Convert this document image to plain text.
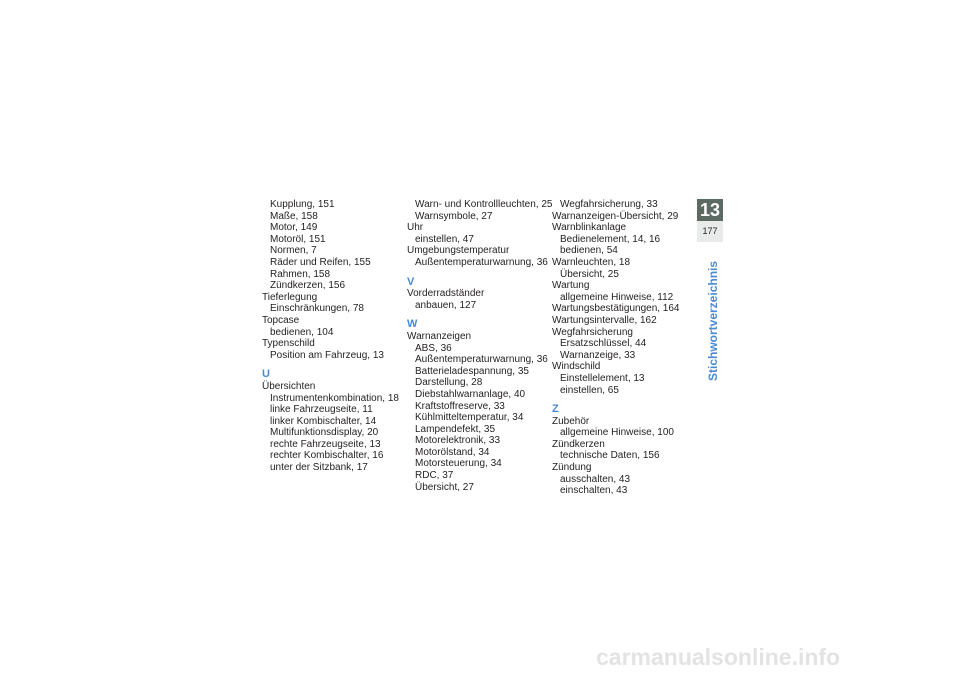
Kupplung, 151
Maße, 158
Motor, 149
Motoröl, 151
Normen, 7
Räder und Reifen, 155
Rahmen, 158
Zündkerzen, 156
Tieferlegung
Einschränkungen, 78
Topcase
bedienen, 104
Typenschild
Position am Fahrzeug, 13
U
Übersichten
Instrumentenkombination, 18
linke Fahrzeugseite, 11
linker Kombischalter, 14
Multifunktionsdisplay, 20
rechte Fahrzeugseite, 13
rechter Kombischalter, 16
unter der Sitzbank, 17
Warn- und Kontrollleuchten, 25
Warnsymbole, 27
Uhr
einstellen, 47
Umgebungstemperatur
Außentemperaturwarnung, 36
V
Vorderradständer
anbauen, 127
W
Warnanzeigen
ABS, 36
Außentemperaturwarnung, 36
Batterieladespannung, 35
Darstellung, 28
Diebstahlwarnanlage, 40
Kraftstoffreserve, 33
Kühlmitteltemperatur, 34
Lampendefekt, 35
Motorelektronik, 33
Motorölstand, 34
Motorsteuerung, 34
RDC, 37
Übersicht, 27
Wegfahrsicherung, 33
Warnanzeigen-Übersicht, 29
Warnblinkanlage
Bedienelement, 14, 16
bedienen, 54
Warnleuchten, 18
Übersicht, 25
Wartung
allgemeine Hinweise, 112
Wartungsbestätigungen, 164
Wartungsintervalle, 162
Wegfahrsicherung
Ersatzschlüssel, 44
Warnanzeige, 33
Windschild
Einstellelement, 13
einstellen, 65
Z
Zubehör
allgemeine Hinweise, 100
Zündkerzen
technische Daten, 156
Zündung
ausschalten, 43
einschalten, 43
13
177
Stichwortverzeichnis
carmanualsonline.info
